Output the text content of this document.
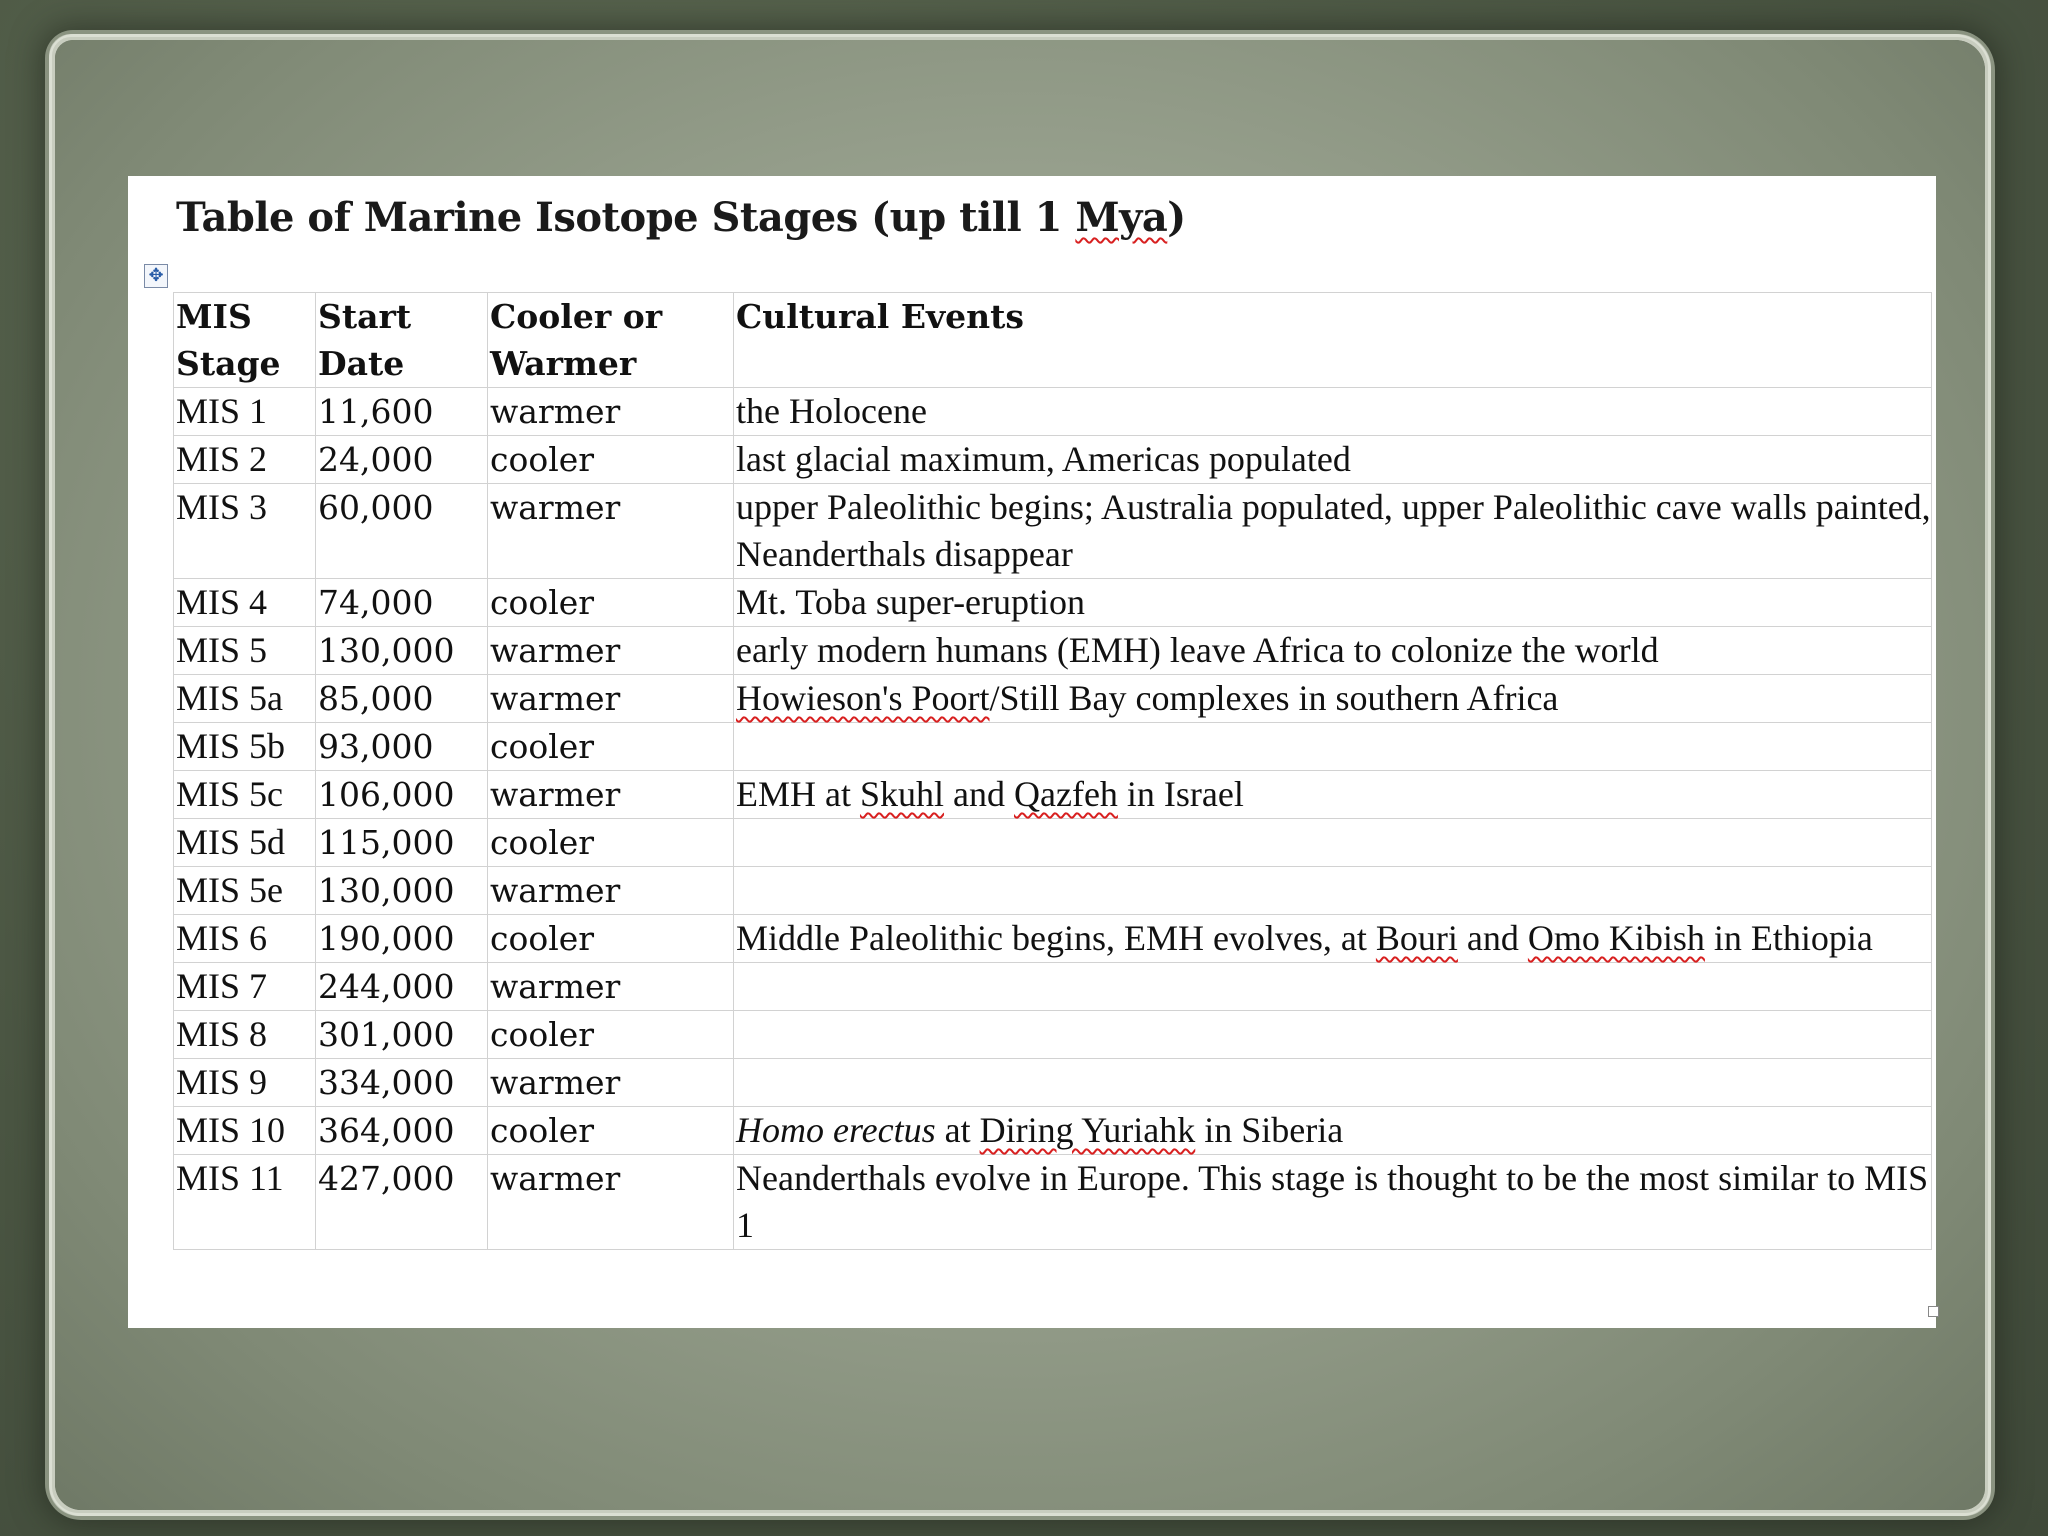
Table of Marine Isotope Stages (up till 1 Mya)
✥
MIS Stage	Start Date	Cooler or Warmer	Cultural Events
MIS 1	11,600	warmer	the Holocene
MIS 2	24,000	cooler	last glacial maximum, Americas populated
MIS 3	60,000	warmer	upper Paleolithic begins; Australia populated, upper Paleolithic cave walls painted, Neanderthals disappear
MIS 4	74,000	cooler	Mt. Toba super-eruption
MIS 5	130,000	warmer	early modern humans (EMH) leave Africa to colonize the world
MIS 5a	85,000	warmer	Howieson's Poort/Still Bay complexes in southern Africa
MIS 5b	93,000	cooler	
MIS 5c	106,000	warmer	EMH at Skuhl and Qazfeh in Israel
MIS 5d	115,000	cooler	
MIS 5e	130,000	warmer	
MIS 6	190,000	cooler	Middle Paleolithic begins, EMH evolves, at Bouri and Omo Kibish in Ethiopia
MIS 7	244,000	warmer	
MIS 8	301,000	cooler	
MIS 9	334,000	warmer	
MIS 10	364,000	cooler	Homo erectus at Diring Yuriahk in Siberia
MIS 11	427,000	warmer	Neanderthals evolve in Europe. This stage is thought to be the most similar to MIS 1
